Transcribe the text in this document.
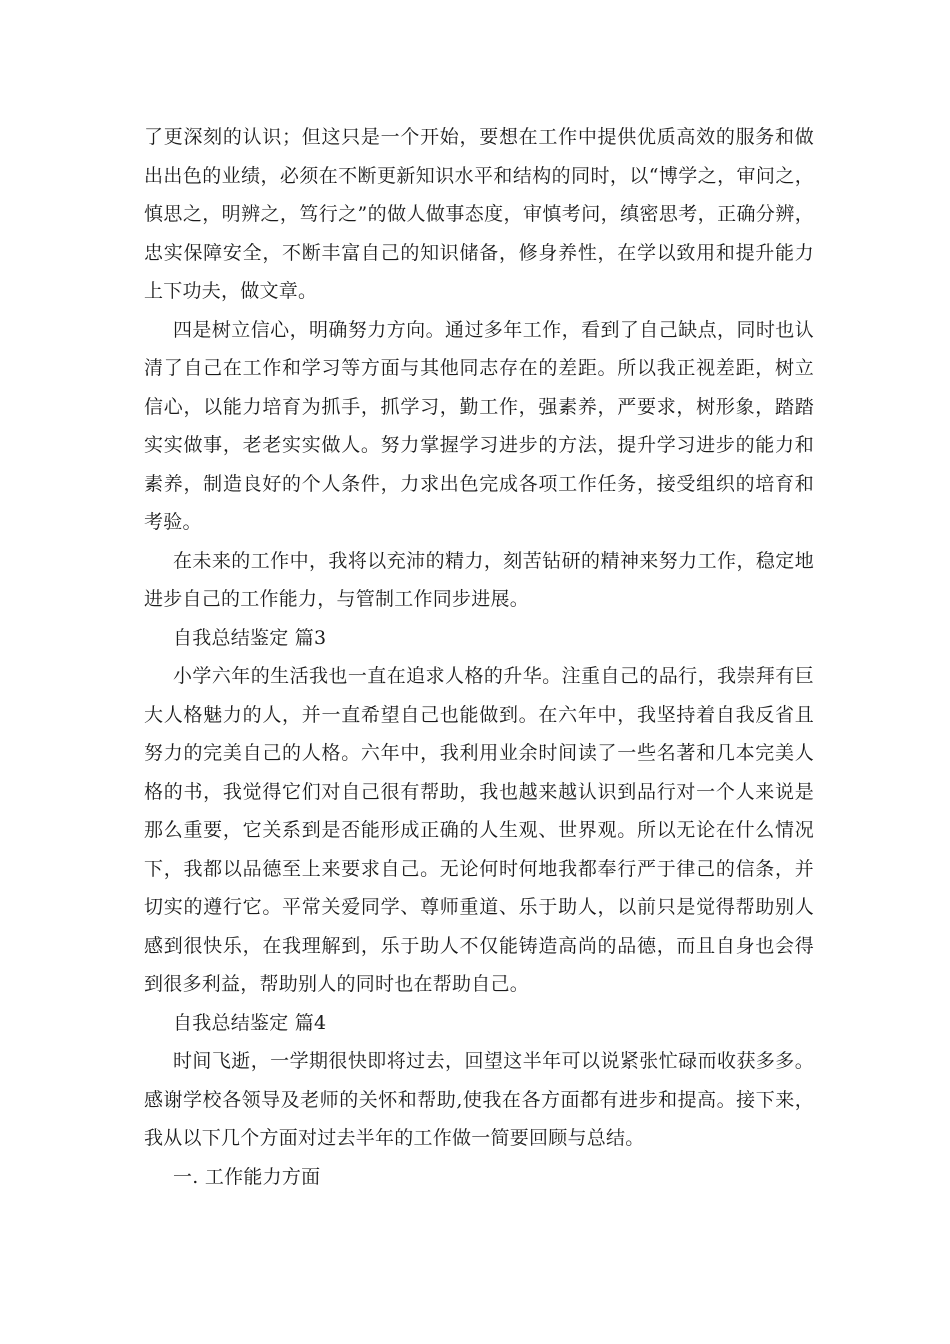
了更深刻的认识；但这只是一个开始，要想在工作中提供优质高效的服务和做出出色的业绩，必须在不断更新知识水平和结构的同时，以“博学之，审问之，慎思之，明辨之，笃行之”的做人做事态度，审慎考问，缜密思考，正确分辨，忠实保障安全，不断丰富自己的知识储备，修身养性，在学以致用和提升能力上下功夫，做文章。

四是树立信心，明确努力方向。通过多年工作，看到了自己缺点，同时也认清了自己在工作和学习等方面与其他同志存在的差距。所以我正视差距，树立信心，以能力培育为抓手，抓学习，勤工作，强素养，严要求，树形象，踏踏实实做事，老老实实做人。努力掌握学习进步的方法，提升学习进步的能力和素养，制造良好的个人条件，力求出色完成各项工作任务，接受组织的培育和考验。

在未来的工作中，我将以充沛的精力，刻苦钻研的精神来努力工作，稳定地进步自己的工作能力，与管制工作同步进展。

自我总结鉴定 篇3

小学六年的生活我也一直在追求人格的升华。注重自己的品行，我崇拜有巨大人格魅力的人，并一直希望自己也能做到。在六年中，我坚持着自我反省且努力的完美自己的人格。六年中，我利用业余时间读了一些名著和几本完美人格的书，我觉得它们对自己很有帮助，我也越来越认识到品行对一个人来说是那么重要，它关系到是否能形成正确的人生观、世界观。所以无论在什么情况下，我都以品德至上来要求自己。无论何时何地我都奉行严于律己的信条，并切实的遵行它。平常关爱同学、尊师重道、乐于助人，以前只是觉得帮助别人感到很快乐，在我理解到，乐于助人不仅能铸造高尚的品德，而且自身也会得到很多利益，帮助别人的同时也在帮助自己。

自我总结鉴定 篇4

时间飞逝，一学期很快即将过去，回望这半年可以说紧张忙碌而收获多多。感谢学校各领导及老师的关怀和帮助,使我在各方面都有进步和提高。接下来，我从以下几个方面对过去半年的工作做一简要回顾与总结。

一. 工作能力方面
